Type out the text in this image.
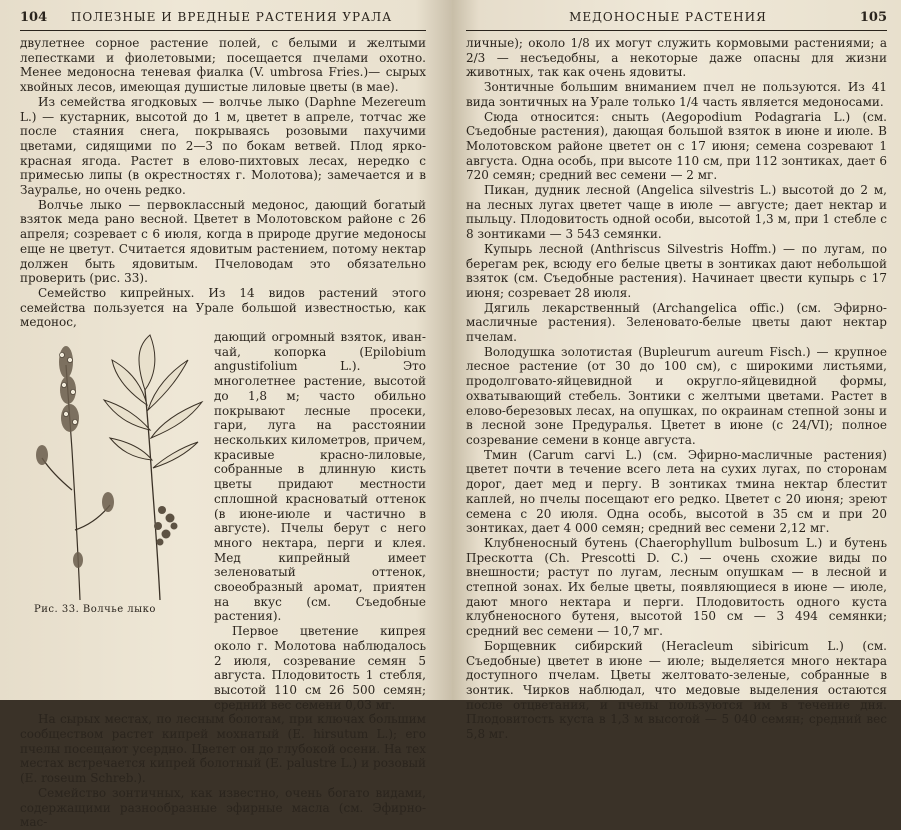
104 ПОЛЕЗНЫЕ И ВРЕДНЫЕ РАСТЕНИЯ УРАЛА

двулетнее сорное растение полей, с белыми и желтыми лепестками и фиолетовыми; посещается пчелами охотно. Менее медоносна теневая фиалка (V. umbrosa Fries.)— сырых хвойных лесов, имеющая душистые лиловые цветы (в мае).

Из семейства ягодковых — волчье лыко (Daphne Mezereum L.) — кустарник, высотой до 1 м, цветет в апреле, тотчас же после стаяния снега, покрываясь розовыми пахучими цветами, сидящими по 2—3 по бокам ветвей. Плод ярко-красная ягода. Растет в елово-пихтовых лесах, нередко с примесью липы (в окрестностях г. Молотова); замечается и в Зауралье, но очень редко.

Волчье лыко — первоклассный медонос, дающий богатый взяток меда рано весной. Цветет в Молотовском районе с 26 апреля; созревает с 6 июля, когда в природе другие медоносы еще не цветут. Считается ядовитым растением, потому нектар должен быть ядовитым. Пчеловодам это обязательно проверить (рис. 33).

Семейство кипрейных. Из 14 видов растений этого семейства пользуется на Урале большой известностью, как медонос,

Рис. 33. Волчье лыко

дающий огромный взяток, иван-чай, копорка (Epilobium angustifolium L.). Это многолетнее растение, высотой до 1,8 м; часто обильно покрывают лесные просеки, гари, луга на расстоянии нескольких километров, причем, красивые красно-лиловые, собранные в длинную кисть цветы придают местности сплошной красноватый оттенок (в июне-июле и частично в августе). Пчелы берут с него много нектара, перги и клея. Мед кипрейный имеет зеленоватый оттенок, своеобразный аромат, приятен на вкус (см. Съедобные растения).

Первое цветение кипрея около г. Молотова наблюдалось 2 июля, созревание семян 5 августа. Плодовитость 1 стебля, высотой 110 см 26 500 семян; средний вес семени 0,03 мг.

На сырых местах, по лесным болотам, при ключах большим сообществом растет кипрей мохнатый (E. hirsutum L.); его пчелы посещают усердно. Цветет он до глубокой осени. На тех местах встречается кипрей болотный (E. palustre L.) и розовый (E. roseum Schreb.).

Семейство зонтичных, как известно, очень богато видами, содержащими разнообразные эфирные масла (см. Эфирно-мас-

МЕДОНОСНЫЕ РАСТЕНИЯ	105

личные); около 1/8 их могут служить кормовыми растениями; а 2/3 — несъедобны, а некоторые даже опасны для жизни животных, так как очень ядовиты.

Зонтичные большим вниманием пчел не пользуются. Из 41 вида зонтичных на Урале только 1/4 часть является медоносами.

Сюда относится: сныть (Aegopodium Podagraria L.) (см. Съедобные растения), дающая большой взяток в июне и июле. В Молотовском районе цветет он с 17 июня; семена созревают 1 августа. Одна особь, при высоте 110 см, при 112 зонтиках, дает 6 720 семян; средний вес семени — 2 мг.

Пикан, дудник лесной (Angelica silvestris L.) высотой до 2 м, на лесных лугах цветет чаще в июле — августе; дает нектар и пыльцу. Плодовитость одной особи, высотой 1,3 м, при 1 стебле с 8 зонтиками — 3 543 семянки.

Купырь лесной (Anthriscus Silvestris Hoffm.) — по лугам, по берегам рек, всюду его белые цветы в зонтиках дают небольшой взяток (см. Съедобные растения). Начинает цвести купырь с 17 июня; созревает 28 июля.

Дягиль лекарственный (Archangelica offic.) (см. Эфирно-масличные растения). Зеленовато-белые цветы дают нектар пчелам.

Володушка золотистая (Bupleurum aureum Fisch.) — крупное лесное растение (от 30 до 100 см), с широкими листьями, продолговато-яйцевидной и округло-яйцевидной формы, охватывающий стебель. Зонтики с желтыми цветами. Растет в елово-березовых лесах, на опушках, по окраинам степной зоны и в лесной зоне Предуралья. Цветет в июне (с 24/VI); полное созревание семени в конце августа.

Тмин (Carum carvi L.) (см. Эфирно-масличные растения) цветет почти в течение всего лета на сухих лугах, по сторонам дорог, дает мед и пергу. В зонтиках тмина нектар блестит каплей, но пчелы посещают его редко. Цветет с 20 июня; зреют семена с 20 июля. Одна особь, высотой в 35 см и при 20 зонтиках, дает 4 000 семян; средний вес семени 2,12 мг.

Клубненосный бутень (Chaerophyllum bulbosum L.) и бутень Прескотта (Ch. Prescotti D. C.) — очень схожие виды по внешности; растут по лугам, лесным опушкам — в лесной и степной зонах. Их белые цветы, появляющиеся в июне — июле, дают много нектара и перги. Плодовитость одного куста клубненосного бутеня, высотой 150 см — 3 494 семянки; средний вес семени — 10,7 мг.

Борщевник сибирский (Heracleum sibiricum L.) (см. Съедобные) цветет в июне — июле; выделяется много нектара доступного пчелам. Цветы желтовато-зеленые, собранные в зонтик. Чирков наблюдал, что медовые выделения остаются после отцветания, и пчелы пользуются им в течение дня. Плодовитость куста в 1,3 м высотой — 5 040 семян; средний вес 5,8 мг.
